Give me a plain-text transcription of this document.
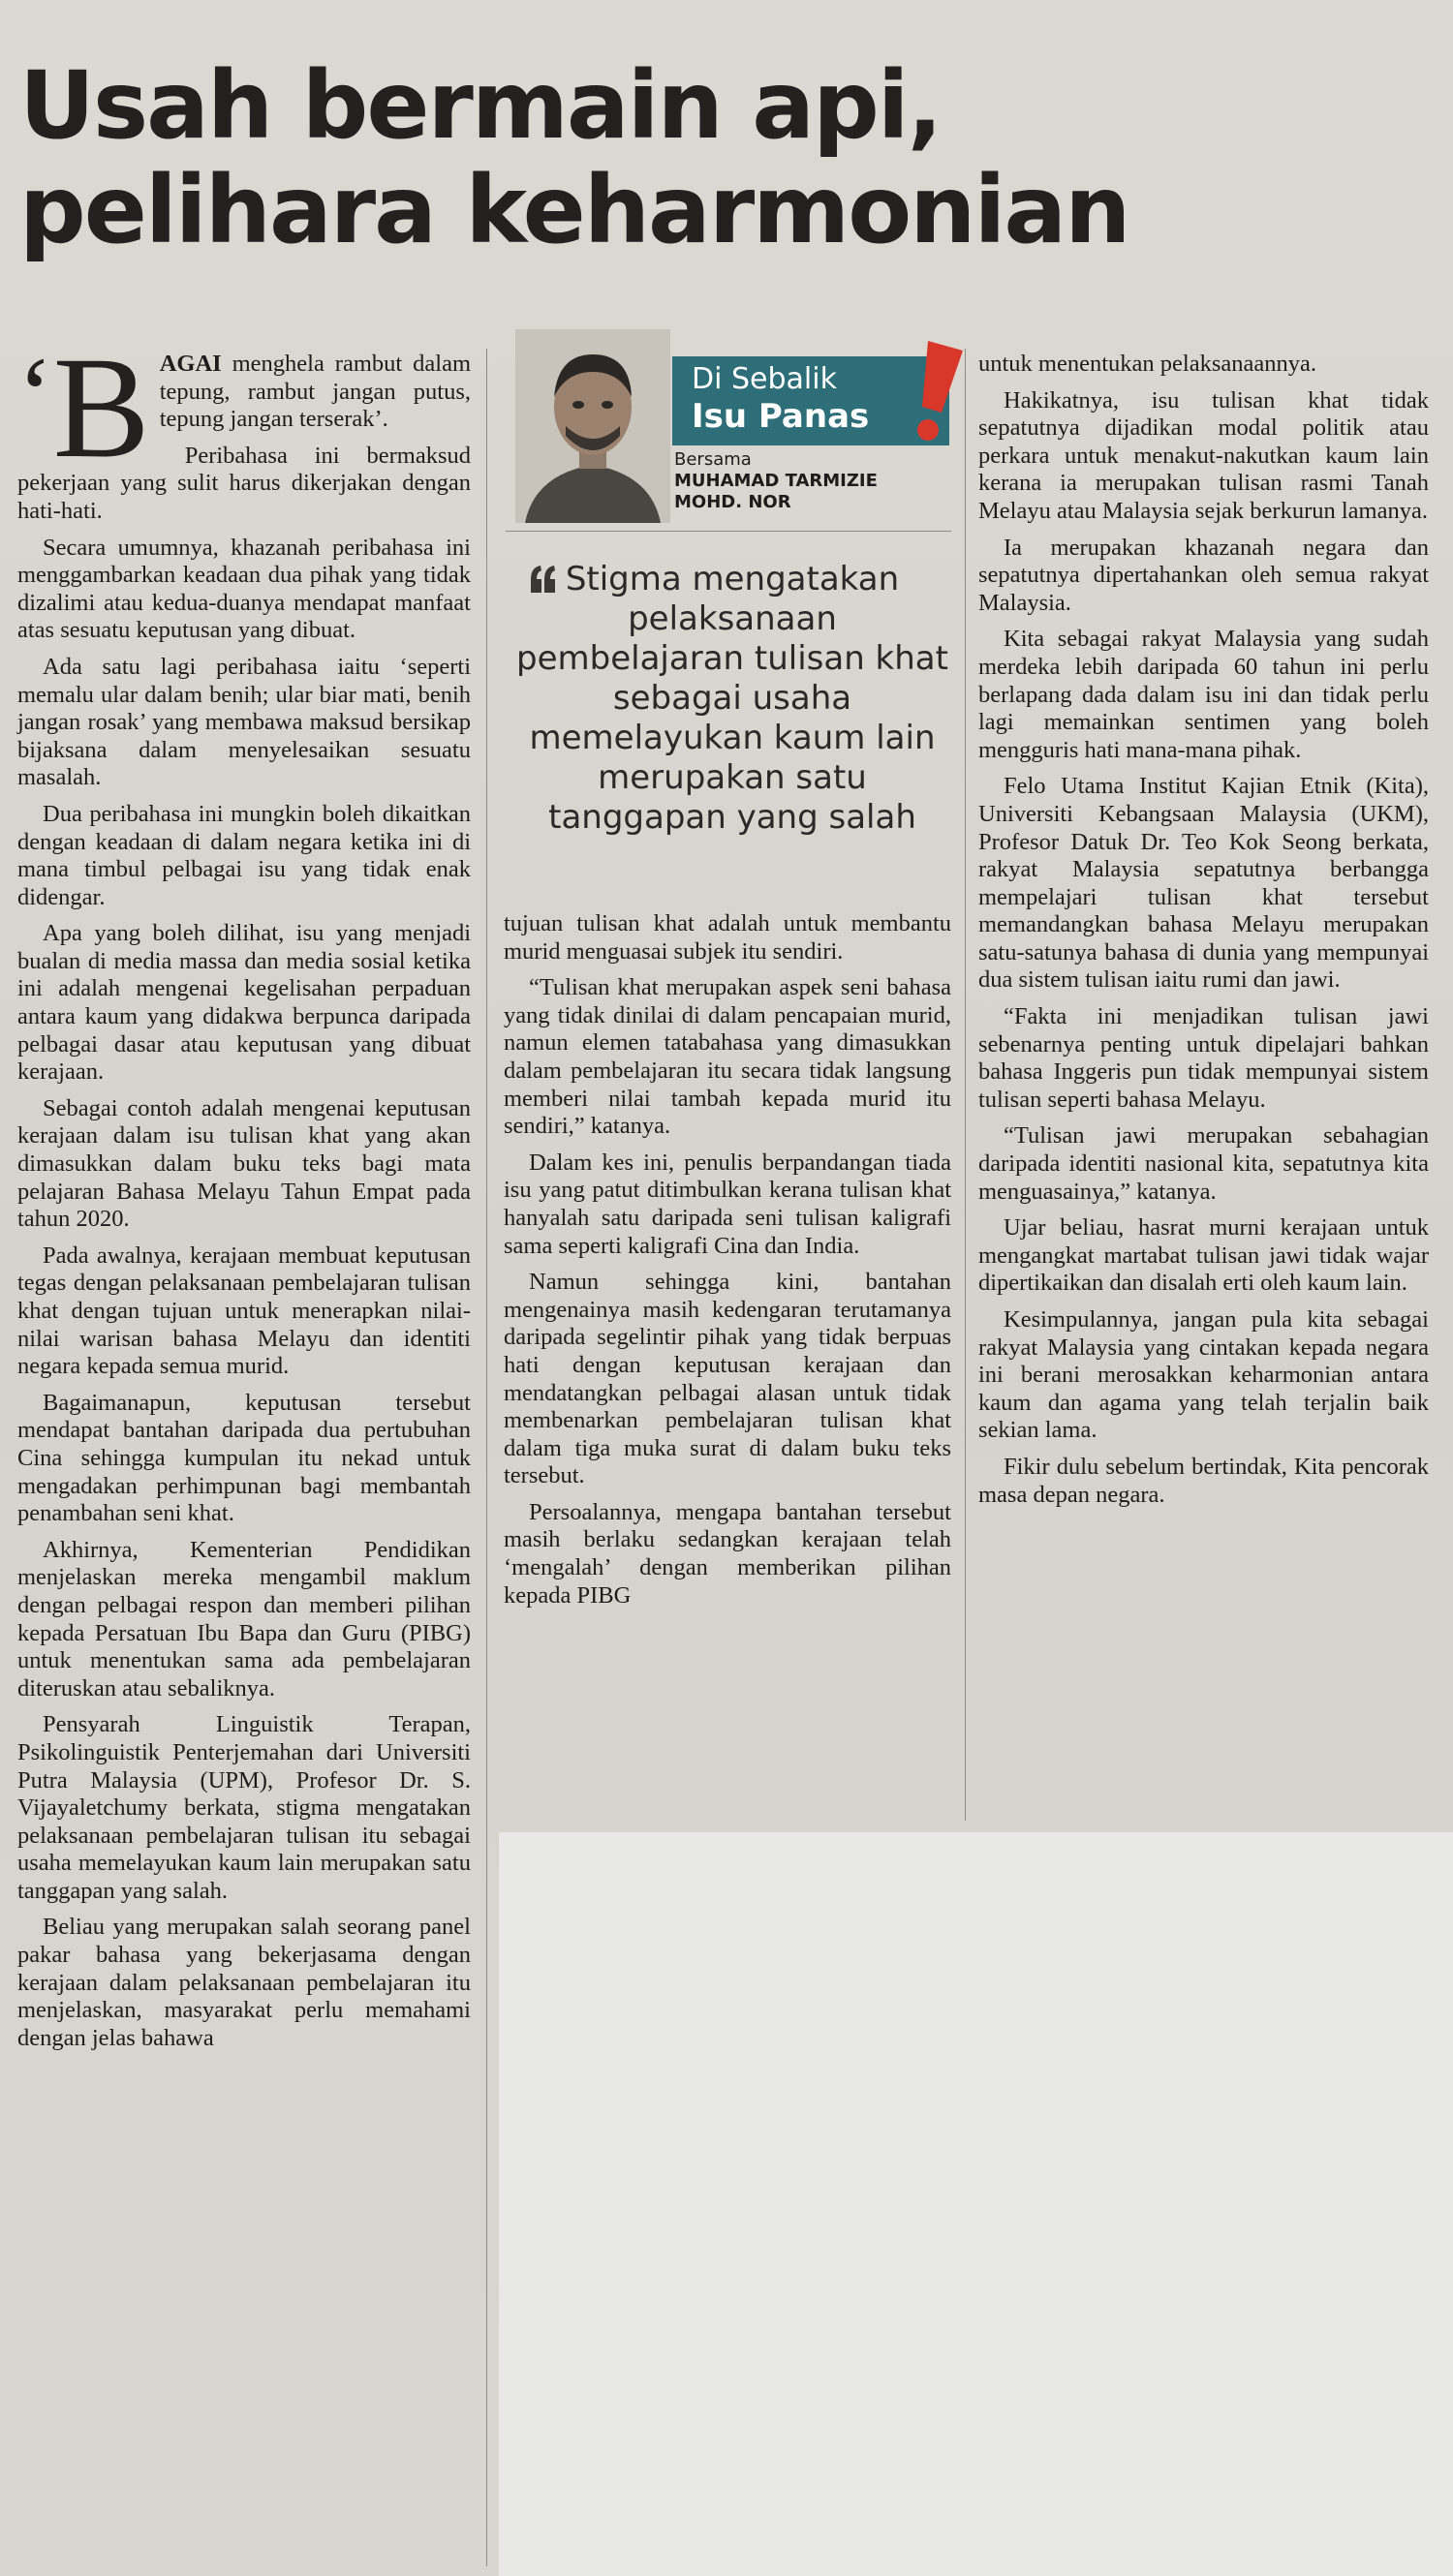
Usah bermain api,
pelihara keharmonian

‘B AGAI menghela rambut dalam tepung, rambut jangan putus, tepung jangan terserak’.

Peribahasa ini bermaksud pekerjaan yang sulit harus dikerjakan dengan hati-hati.

Secara umumnya, khazanah peribahasa ini menggambarkan keadaan dua pihak yang tidak dizalimi atau kedua-duanya mendapat manfaat atas sesuatu keputusan yang dibuat.

Ada satu lagi peribahasa iaitu ‘seperti memalu ular dalam benih; ular biar mati, benih jangan rosak’ yang membawa maksud bersikap bijaksana dalam menyelesaikan sesuatu masalah.

Dua peribahasa ini mungkin boleh dikaitkan dengan keadaan di dalam negara ketika ini di mana timbul pelbagai isu yang tidak enak didengar.

Apa yang boleh dilihat, isu yang menjadi bualan di media massa dan media sosial ketika ini adalah mengenai kegelisahan perpaduan antara kaum yang didakwa berpunca daripada pelbagai dasar atau keputusan yang dibuat kerajaan.

Sebagai contoh adalah mengenai keputusan kerajaan dalam isu tulisan khat yang akan dimasukkan dalam buku teks bagi mata pelajaran Bahasa Melayu Tahun Empat pada tahun 2020.

Pada awalnya, kerajaan membuat keputusan tegas dengan pelaksanaan pembelajaran tulisan khat dengan tujuan untuk menerapkan nilai-nilai warisan bahasa Melayu dan identiti negara kepada semua murid.

Bagaimanapun, keputusan tersebut mendapat bantahan daripada dua pertubuhan Cina sehingga kumpulan itu nekad untuk mengadakan perhimpunan bagi membantah penambahan seni khat.

Akhirnya, Kementerian Pendidikan menjelaskan mereka mengambil maklum dengan pelbagai respon dan memberi pilihan kepada Persatuan Ibu Bapa dan Guru (PIBG) untuk menentukan sama ada pembelajaran diteruskan atau sebaliknya.

Pensyarah Linguistik Terapan, Psikolinguistik Penterjemahan dari Universiti Putra Malaysia (UPM), Profesor Dr. S. Vijayaletchumy berkata, stigma mengatakan pelaksanaan pembelajaran tulisan itu sebagai usaha memelayukan kaum lain merupakan satu tanggapan yang salah.

Beliau yang merupakan salah seorang panel pakar bahasa yang bekerjasama dengan kerajaan dalam pelaksanaan pembelajaran itu menjelaskan, masyarakat perlu memahami dengan jelas bahawa

Di Sebalik
Isu Panas
Bersama
MUHAMAD TARMIZIE
MOHD. NOR

Stigma mengatakan pelaksanaan pembelajaran tulisan khat sebagai usaha memelayukan kaum lain merupakan satu tanggapan yang salah

tujuan tulisan khat adalah untuk membantu murid menguasai subjek itu sendiri.

“Tulisan khat merupakan aspek seni bahasa yang tidak dinilai di dalam pencapaian murid, namun elemen tatabahasa yang dimasukkan dalam pembelajaran itu secara tidak langsung memberi nilai tambah kepada murid itu sendiri,” katanya.

Dalam kes ini, penulis berpandangan tiada isu yang patut ditimbulkan kerana tulisan khat hanyalah satu daripada seni tulisan kaligrafi sama seperti kaligrafi Cina dan India.

Namun sehingga kini, bantahan mengenainya masih kedengaran terutamanya daripada segelintir pihak yang tidak berpuas hati dengan keputusan kerajaan dan mendatangkan pelbagai alasan untuk tidak membenarkan pembelajaran tulisan khat dalam tiga muka surat di dalam buku teks tersebut.

Persoalannya, mengapa bantahan tersebut masih berlaku sedangkan kerajaan telah ‘mengalah’ dengan memberikan pilihan kepada PIBG

untuk menentukan pelaksanaannya.

Hakikatnya, isu tulisan khat tidak sepatutnya dijadikan modal politik atau perkara untuk menakut-nakutkan kaum lain kerana ia merupakan tulisan rasmi Tanah Melayu atau Malaysia sejak berkurun lamanya.

Ia merupakan khazanah negara dan sepatutnya dipertahankan oleh semua rakyat Malaysia.

Kita sebagai rakyat Malaysia yang sudah merdeka lebih daripada 60 tahun ini perlu berlapang dada dalam isu ini dan tidak perlu lagi memainkan sentimen yang boleh mengguris hati mana-mana pihak.

Felo Utama Institut Kajian Etnik (Kita), Universiti Kebangsaan Malaysia (UKM), Profesor Datuk Dr. Teo Kok Seong berkata, rakyat Malaysia sepatutnya berbangga mempelajari tulisan khat tersebut memandangkan bahasa Melayu merupakan satu-satunya bahasa di dunia yang mempunyai dua sistem tulisan iaitu rumi dan jawi.

“Fakta ini menjadikan tulisan jawi sebenarnya penting untuk dipelajari bahkan bahasa Inggeris pun tidak mempunyai sistem tulisan seperti bahasa Melayu.

“Tulisan jawi merupakan sebahagian daripada identiti nasional kita, sepatutnya kita menguasainya,” katanya.

Ujar beliau, hasrat murni kerajaan untuk mengangkat martabat tulisan jawi tidak wajar dipertikaikan dan disalah erti oleh kaum lain.

Kesimpulannya, jangan pula kita sebagai rakyat Malaysia yang cintakan kepada negara ini berani merosakkan keharmonian antara kaum dan agama yang telah terjalin baik sekian lama.

Fikir dulu sebelum bertindak, Kita pencorak masa depan negara.
